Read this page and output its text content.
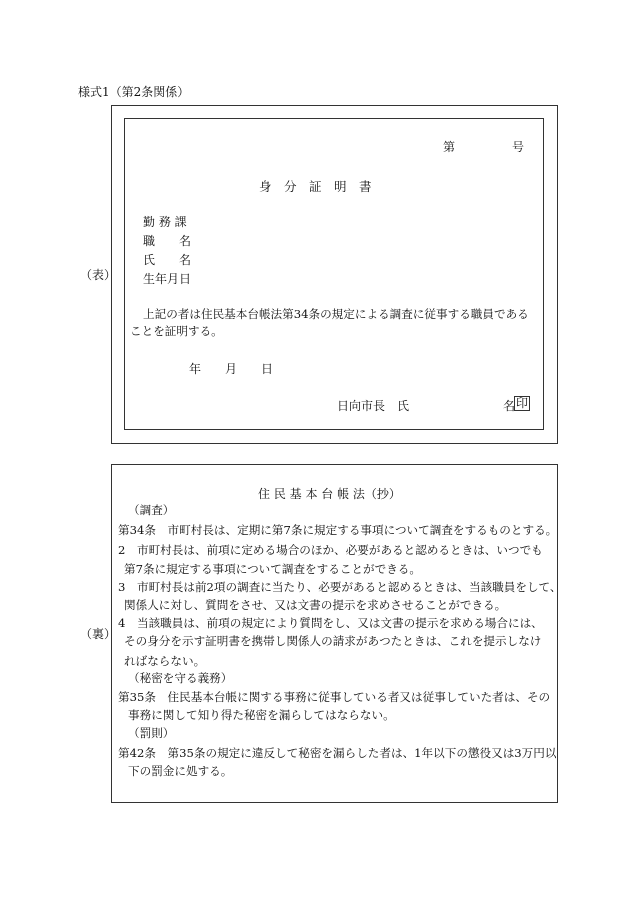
様式1（第2条関係）
（表）
第	号
身　分　証　明　書
勤 務 課
職　　名
氏　　名
生年月日
上記の者は住民基本台帳法第34条の規定による調査に従事する職員である
ことを証明する。
年　　月　　日
日向市長　氏	名 印
（裏）
住 民 基 本 台 帳 法（抄）
（調査）
第34条　市町村長は、定期に第7条に規定する事項について調査をするものとする。
2　市町村長は、前項に定める場合のほか、必要があると認めるときは、いつでも
第7条に規定する事項について調査をすることができる。
3　市町村長は前2項の調査に当たり、必要があると認めるときは、当該職員をして、
関係人に対し、質問をさせ、又は文書の提示を求めさせることができる。
4　当該職員は、前項の規定により質問をし、又は文書の提示を求める場合には、
その身分を示す証明書を携帯し関係人の請求があつたときは、これを提示しなけ
ればならない。
（秘密を守る義務）
第35条　住民基本台帳に関する事務に従事している者又は従事していた者は、その
事務に関して知り得た秘密を漏らしてはならない。
（罰則）
第42条　第35条の規定に違反して秘密を漏らした者は、1年以下の懲役又は3万円以
下の罰金に処する。
